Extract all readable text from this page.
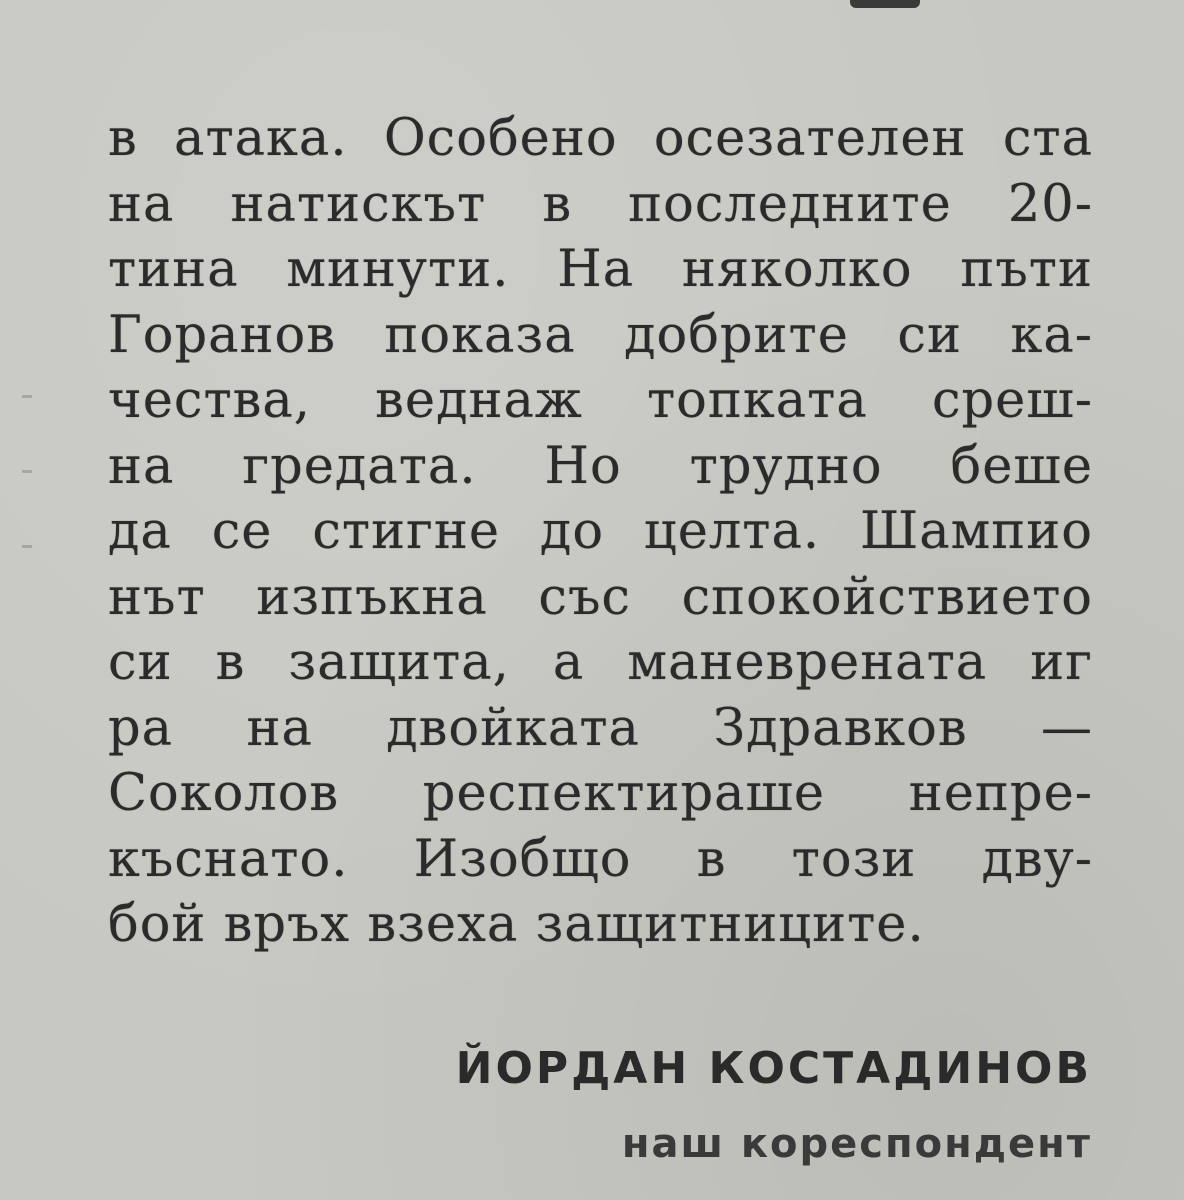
в атака. Особено осезателен ста
на натискът в последните 20-
тина минути. На няколко пъти
Горанов показа добрите си ка-
чества, веднаж топката среш-
на гредата. Но трудно беше
да се стигне до целта. Шампио
нът изпъкна със спокойствието
си в защита, а маневрената иг
ра на двойката Здравков —
Соколов респектираше непре-
къснато. Изобщо в този дву-
бой връх взеха защитниците.
ЙОРДАН КОСТАДИНОВ
наш кореспондент
